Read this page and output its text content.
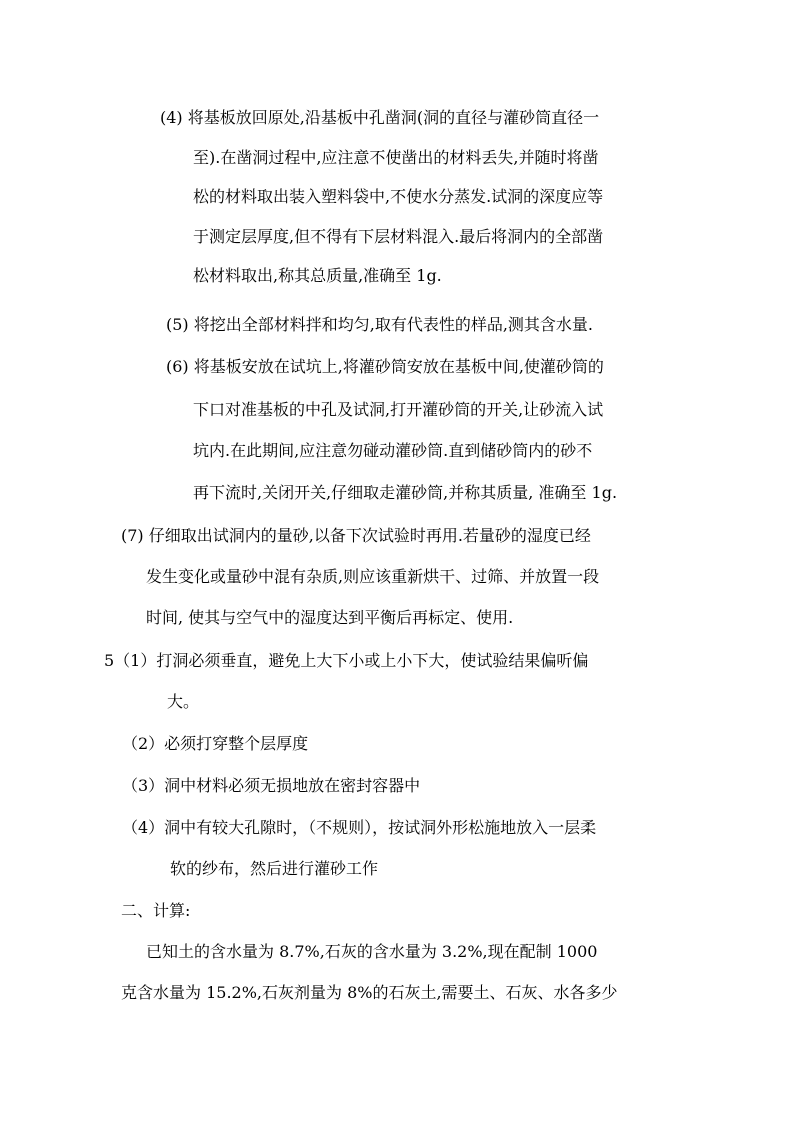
(4) 将基板放回原处,沿基板中孔凿洞(洞的直径与灌砂筒直径一

至).在凿洞过程中,应注意不使凿出的材料丢失,并随时将凿

松的材料取出装入塑料袋中,不使水分蒸发.试洞的深度应等

于测定层厚度,但不得有下层材料混入.最后将洞内的全部凿

松材料取出,称其总质量,准确至 1g.

(5) 将挖出全部材料拌和均匀,取有代表性的样品,测其含水量.

(6) 将基板安放在试坑上,将灌砂筒安放在基板中间,使灌砂筒的

下口对准基板的中孔及试洞,打开灌砂筒的开关,让砂流入试

坑内.在此期间,应注意勿碰动灌砂筒.直到储砂筒内的砂不

再下流时,关闭开关,仔细取走灌砂筒,并称其质量, 准确至 1g.

(7) 仔细取出试洞内的量砂,以备下次试验时再用.若量砂的湿度已经

发生变化或量砂中混有杂质,则应该重新烘干、过筛、并放置一段

时间, 使其与空气中的湿度达到平衡后再标定、使用.

5（1）打洞必须垂直，避免上大下小或上小下大，使试验结果偏听偏

大。

（2）必须打穿整个层厚度

（3）洞中材料必须无损地放在密封容器中

（4）洞中有较大孔隙时，（不规则），按试洞外形松施地放入一层柔

软的纱布，然后进行灌砂工作

二、计算:

已知土的含水量为 8.7%,石灰的含水量为 3.2%,现在配制 1000

克含水量为 15.2%,石灰剂量为 8%的石灰土,需要土、石灰、水各多少
